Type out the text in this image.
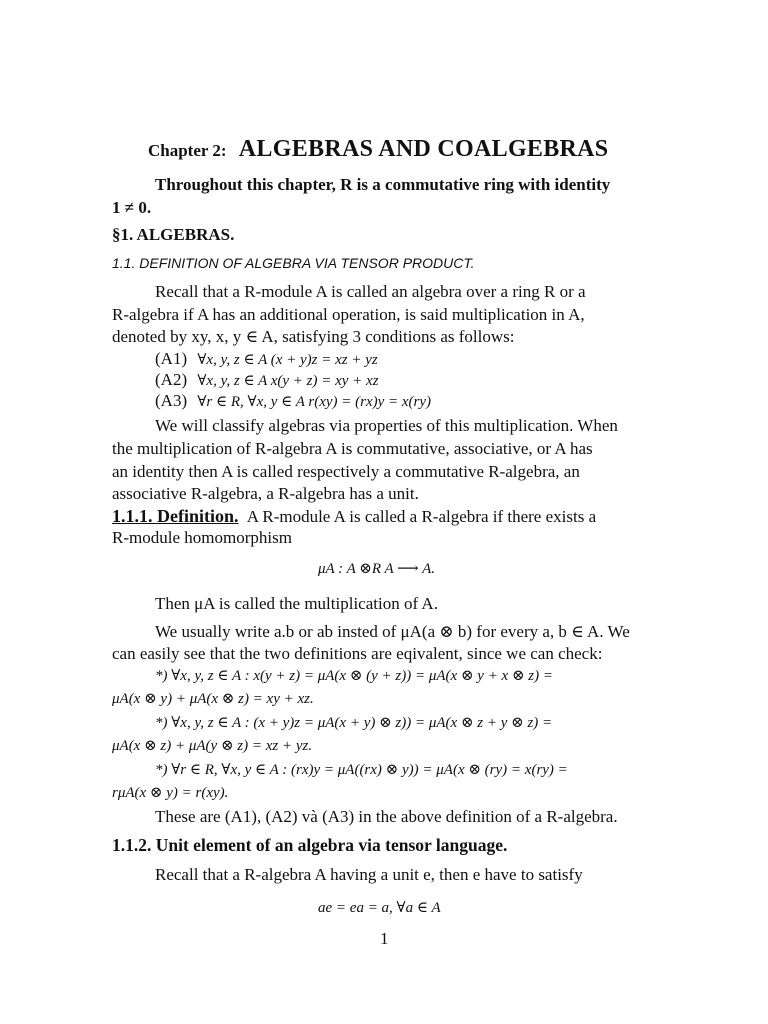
Chapter 2: ALGEBRAS AND COALGEBRAS
Throughout this chapter, R is a commutative ring with identity
1 ≠ 0.
§1. ALGEBRAS.
1.1. DEFINITION OF ALGEBRA VIA TENSOR PRODUCT.
Recall that a R-module A is called an algebra over a ring R or a
R-algebra if A has an additional operation, is said multiplication in A,
denoted by xy, x, y ∈ A, satisfying 3 conditions as follows:
(A1) ∀x, y, z ∈ A (x + y)z = xz + yz
(A2) ∀x, y, z ∈ A x(y + z) = xy + xz
(A3) ∀r ∈ R, ∀x, y ∈ A r(xy) = (rx)y = x(ry)
We will classify algebras via properties of this multiplication. When
the multiplication of R-algebra A is commutative, associative, or A has
an identity then A is called respectively a commutative R-algebra, an
associative R-algebra, a R-algebra has a unit.
1.1.1. Definition. A R-module A is called a R-algebra if there exists a
R-module homomorphism
μA : A ⊗R A ⟶ A.
Then μA is called the multiplication of A.
We usually write a.b or ab insted of μA(a ⊗ b) for every a, b ∈ A. We
can easily see that the two definitions are eqivalent, since we can check:
*) ∀x, y, z ∈ A : x(y + z) = μA(x ⊗ (y + z)) = μA(x ⊗ y + x ⊗ z) =
μA(x ⊗ y) + μA(x ⊗ z) = xy + xz.
*) ∀x, y, z ∈ A : (x + y)z = μA(x + y) ⊗ z)) = μA(x ⊗ z + y ⊗ z) =
μA(x ⊗ z) + μA(y ⊗ z) = xz + yz.
*) ∀r ∈ R, ∀x, y ∈ A : (rx)y = μA((rx) ⊗ y)) = μA(x ⊗ (ry) = x(ry) =
rμA(x ⊗ y) = r(xy).
These are (A1), (A2) và (A3) in the above definition of a R-algebra.
1.1.2. Unit element of an algebra via tensor language.
Recall that a R-algebra A having a unit e, then e have to satisfy
ae = ea = a, ∀a ∈ A
1
